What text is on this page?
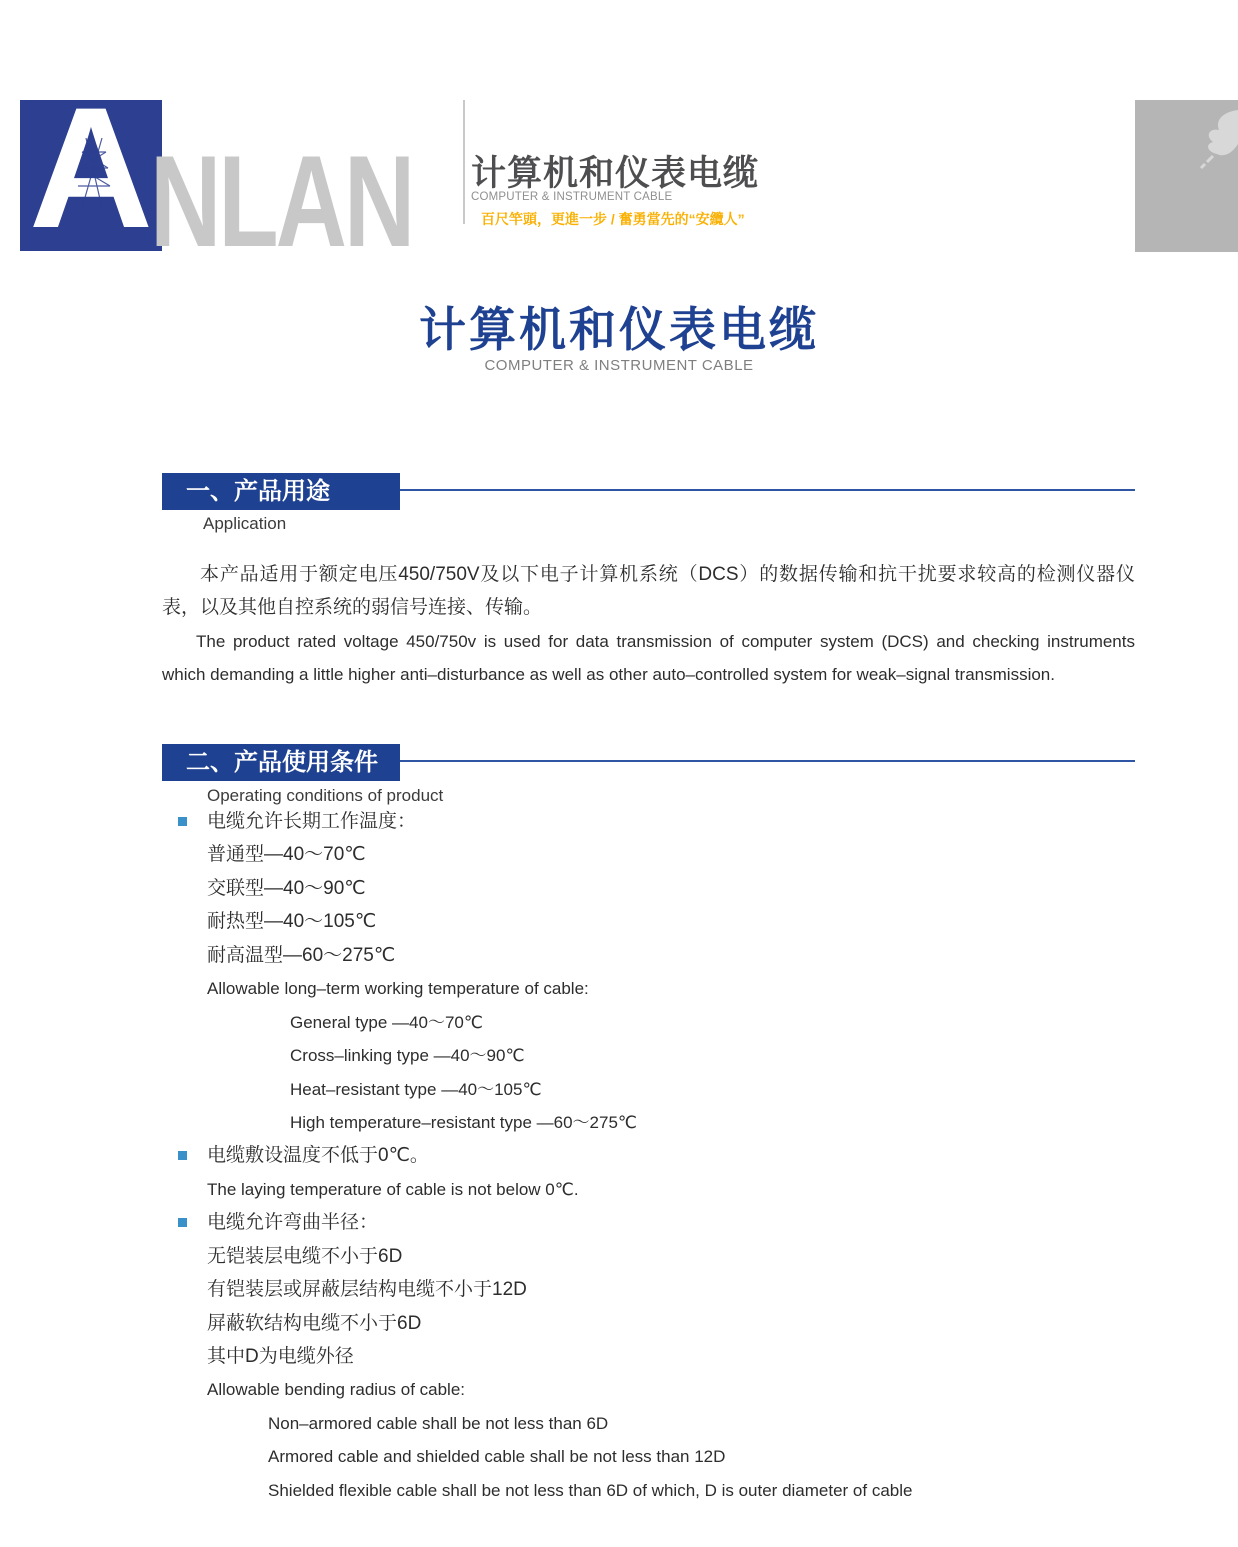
A
NLAN 计算机和仪表电缆
COMPUTER & INSTRUMENT CABLE
百尺竿頭，更進一步 / 奮勇當先的“安纜人”
计算机和仪表电缆
COMPUTER & INSTRUMENT CABLE
一、产品用途
Application
本产品适用于额定电压450/750V及以下电子计算机系统（DCS）的数据传输和抗干扰要求较高的检测仪器仪表，以及其他自控系统的弱信号连接、传输。
The product rated voltage 450/750v is used for data transmission of computer system (DCS) and checking instruments which demanding a little higher anti–disturbance as well as other auto–controlled system for weak–signal transmission.
二、产品使用条件
Operating conditions of product
电缆允许长期工作温度：
普通型—40～70℃
交联型—40～90℃
耐热型—40～105℃
耐高温型—60～275℃
Allowable long–term working temperature of cable:
General type —40～70℃
Cross–linking type —40～90℃
Heat–resistant type —40～105℃
High temperature–resistant type —60～275℃
电缆敷设温度不低于0℃。
The laying temperature of cable is not below 0℃.
电缆允许弯曲半径：
无铠装层电缆不小于6D
有铠装层或屏蔽层结构电缆不小于12D
屏蔽软结构电缆不小于6D
其中D为电缆外径
Allowable bending radius of cable:
Non–armored cable shall be not less than 6D
Armored cable and shielded cable shall be not less than 12D
Shielded flexible cable shall be not less than 6D of which, D is outer diameter of cable
